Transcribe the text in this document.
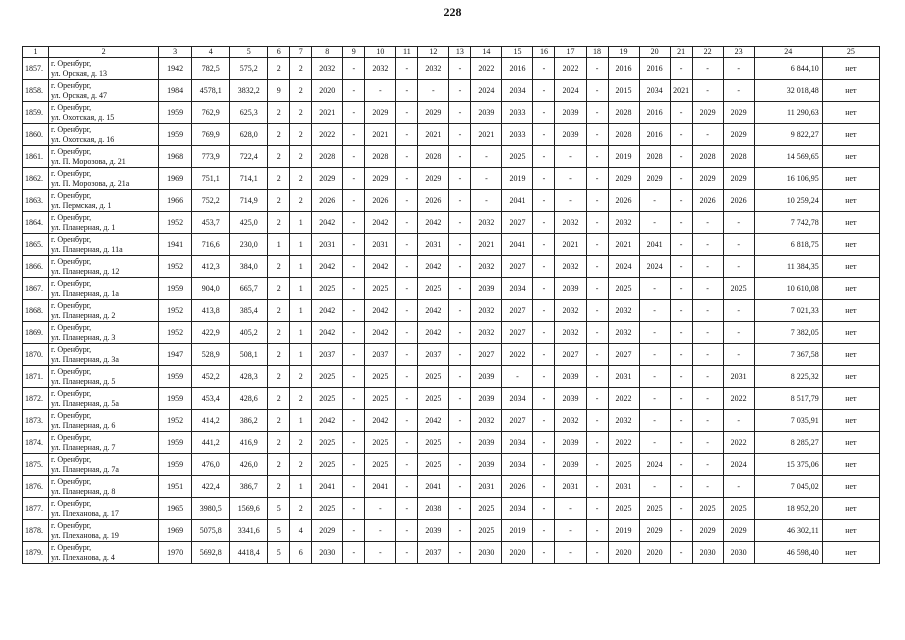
228
1	2	3	4	5	6	7	8	9	10	11	12	13	14	15	16	17	18	19	20	21	22	23	24	25
1857.	г. Оренбург,
ул. Орская, д. 13	1942	782,5	575,2	2	2	2032	-	2032	-	2032	-	2022	2016	-	2022	-	2016	2016	-	-	-	6 844,10	нет
1858.	г. Оренбург,
ул. Орская, д. 47	1984	4578,1	3832,2	9	2	2020	-	-	-	-	-	2024	2034	-	2024	-	2015	2034	2021	-	-	32 018,48	нет
1859.	г. Оренбург,
ул. Охотская, д. 15	1959	762,9	625,3	2	2	2021	-	2029	-	2029	-	2039	2033	-	2039	-	2028	2016	-	2029	2029	11 290,63	нет
1860.	г. Оренбург,
ул. Охотская, д. 16	1959	769,9	628,0	2	2	2022	-	2021	-	2021	-	2021	2033	-	2039	-	2028	2016	-	-	2029	9 822,27	нет
1861.	г. Оренбург,
ул. П. Морозова, д. 21	1968	773,9	722,4	2	2	2028	-	2028	-	2028	-	-	2025	-	-	-	2019	2028	-	2028	2028	14 569,65	нет
1862.	г. Оренбург,
ул. П. Морозова, д. 21а	1969	751,1	714,1	2	2	2029	-	2029	-	2029	-	-	2019	-	-	-	2029	2029	-	2029	2029	16 106,95	нет
1863.	г. Оренбург,
ул. Пермская, д. 1	1966	752,2	714,9	2	2	2026	-	2026	-	2026	-	-	2041	-	-	-	2026	-	-	2026	2026	10 259,24	нет
1864.	г. Оренбург,
ул. Планерная, д. 1	1952	453,7	425,0	2	1	2042	-	2042	-	2042	-	2032	2027	-	2032	-	2032	-	-	-	-	7 742,78	нет
1865.	г. Оренбург,
ул. Планерная, д. 11а	1941	716,6	230,0	1	1	2031	-	2031	-	2031	-	2021	2041	-	2021	-	2021	2041	-	-	-	6 818,75	нет
1866.	г. Оренбург,
ул. Планерная, д. 12	1952	412,3	384,0	2	1	2042	-	2042	-	2042	-	2032	2027	-	2032	-	2024	2024	-	-	-	11 384,35	нет
1867.	г. Оренбург,
ул. Планерная, д. 1а	1959	904,0	665,7	2	1	2025	-	2025	-	2025	-	2039	2034	-	2039	-	2025	-	-	-	2025	10 610,08	нет
1868.	г. Оренбург,
ул. Планерная, д. 2	1952	413,8	385,4	2	1	2042	-	2042	-	2042	-	2032	2027	-	2032	-	2032	-	-	-	-	7 021,33	нет
1869.	г. Оренбург,
ул. Планерная, д. 3	1952	422,9	405,2	2	1	2042	-	2042	-	2042	-	2032	2027	-	2032	-	2032	-	-	-	-	7 382,05	нет
1870.	г. Оренбург,
ул. Планерная, д. 3а	1947	528,9	508,1	2	1	2037	-	2037	-	2037	-	2027	2022	-	2027	-	2027	-	-	-	-	7 367,58	нет
1871.	г. Оренбург,
ул. Планерная, д. 5	1959	452,2	428,3	2	2	2025	-	2025	-	2025	-	2039	-	-	2039	-	2031	-	-	-	2031	8 225,32	нет
1872.	г. Оренбург,
ул. Планерная, д. 5а	1959	453,4	428,6	2	2	2025	-	2025	-	2025	-	2039	2034	-	2039	-	2022	-	-	-	2022	8 517,79	нет
1873.	г. Оренбург,
ул. Планерная, д. 6	1952	414,2	386,2	2	1	2042	-	2042	-	2042	-	2032	2027	-	2032	-	2032	-	-	-	-	7 035,91	нет
1874.	г. Оренбург,
ул. Планерная, д. 7	1959	441,2	416,9	2	2	2025	-	2025	-	2025	-	2039	2034	-	2039	-	2022	-	-	-	2022	8 285,27	нет
1875.	г. Оренбург,
ул. Планерная, д. 7а	1959	476,0	426,0	2	2	2025	-	2025	-	2025	-	2039	2034	-	2039	-	2025	2024	-	-	2024	15 375,06	нет
1876.	г. Оренбург,
ул. Планерная, д. 8	1951	422,4	386,7	2	1	2041	-	2041	-	2041	-	2031	2026	-	2031	-	2031	-	-	-	-	7 045,02	нет
1877.	г. Оренбург,
ул. Плеханова, д. 17	1965	3980,5	1569,6	5	2	2025	-	-	-	2038	-	2025	2034	-	-	-	2025	2025	-	2025	2025	18 952,20	нет
1878.	г. Оренбург,
ул. Плеханова, д. 19	1969	5075,8	3341,6	5	4	2029	-	-	-	2039	-	2025	2019	-	-	-	2019	2029	-	2029	2029	46 302,11	нет
1879.	г. Оренбург,
ул. Плеханова, д. 4	1970	5692,8	4418,4	5	6	2030	-	-	-	2037	-	2030	2020	-	-	-	2020	2020	-	2030	2030	46 598,40	нет
